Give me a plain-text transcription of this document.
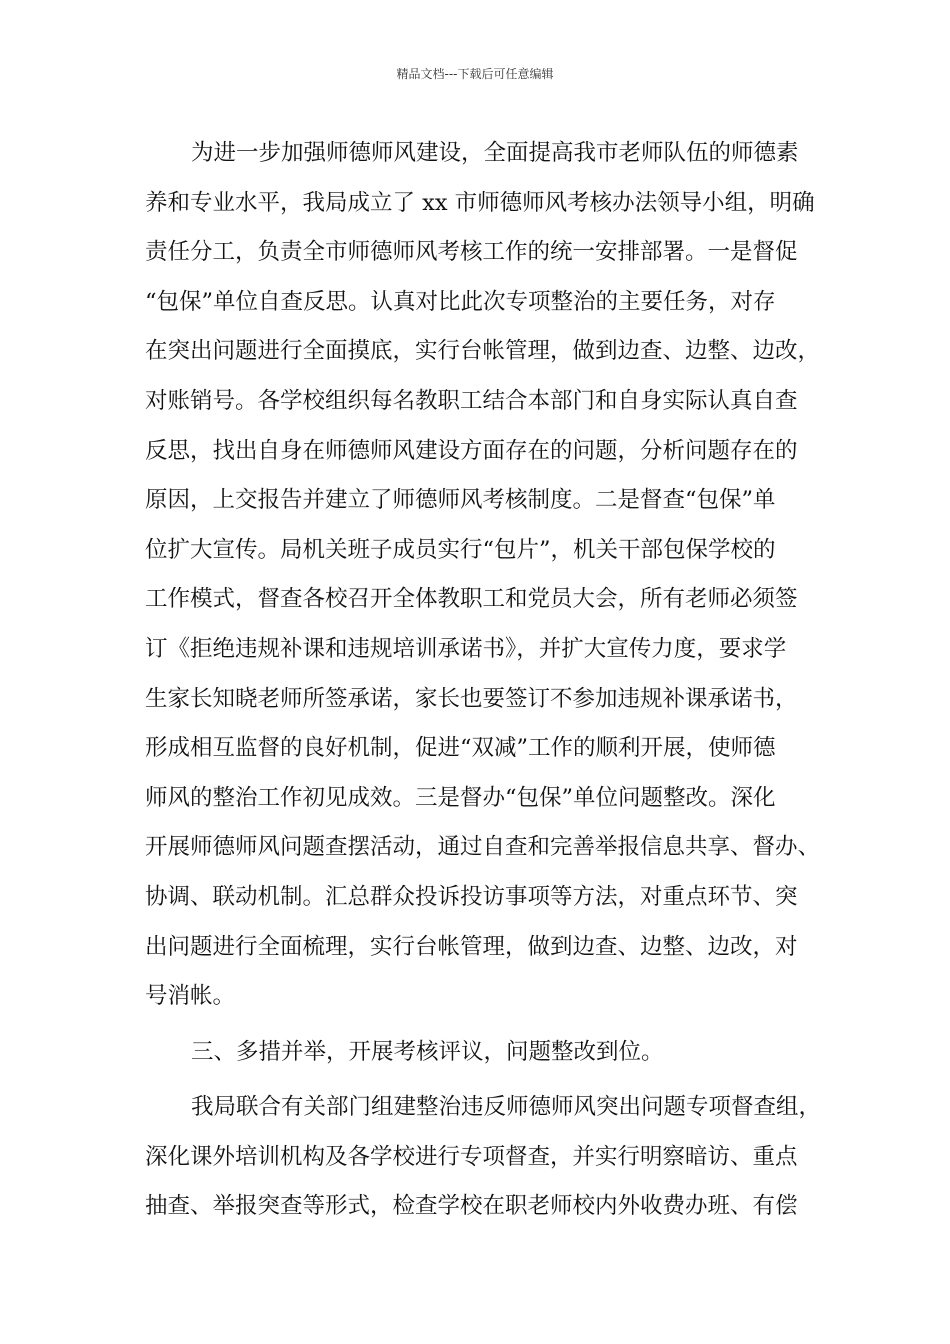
精品文档---下载后可任意编辑
为进一步加强师德师风建设，全面提高我市老师队伍的师德素
养和专业水平，我局成立了 xx 市师德师风考核办法领导小组，明确
责任分工，负责全市师德师风考核工作的统一安排部署。一是督促
“包保”单位自查反思。认真对比此次专项整治的主要任务，对存
在突出问题进行全面摸底，实行台帐管理，做到边查、边整、边改，
对账销号。各学校组织每名教职工结合本部门和自身实际认真自查
反思，找出自身在师德师风建设方面存在的问题，分析问题存在的
原因，上交报告并建立了师德师风考核制度。二是督查“包保”单
位扩大宣传。局机关班子成员实行“包片”，机关干部包保学校的
工作模式，督查各校召开全体教职工和党员大会，所有老师必须签
订《拒绝违规补课和违规培训承诺书》，并扩大宣传力度，要求学
生家长知晓老师所签承诺，家长也要签订不参加违规补课承诺书，
形成相互监督的良好机制，促进“双减”工作的顺利开展，使师德
师风的整治工作初见成效。三是督办“包保”单位问题整改。深化
开展师德师风问题查摆活动，通过自查和完善举报信息共享、督办、
协调、联动机制。汇总群众投诉投访事项等方法，对重点环节、突
出问题进行全面梳理，实行台帐管理，做到边查、边整、边改，对
号消帐。
三、多措并举，开展考核评议，问题整改到位。
我局联合有关部门组建整治违反师德师风突出问题专项督查组，
深化课外培训机构及各学校进行专项督查，并实行明察暗访、重点
抽查、举报突查等形式，检查学校在职老师校内外收费办班、有偿
